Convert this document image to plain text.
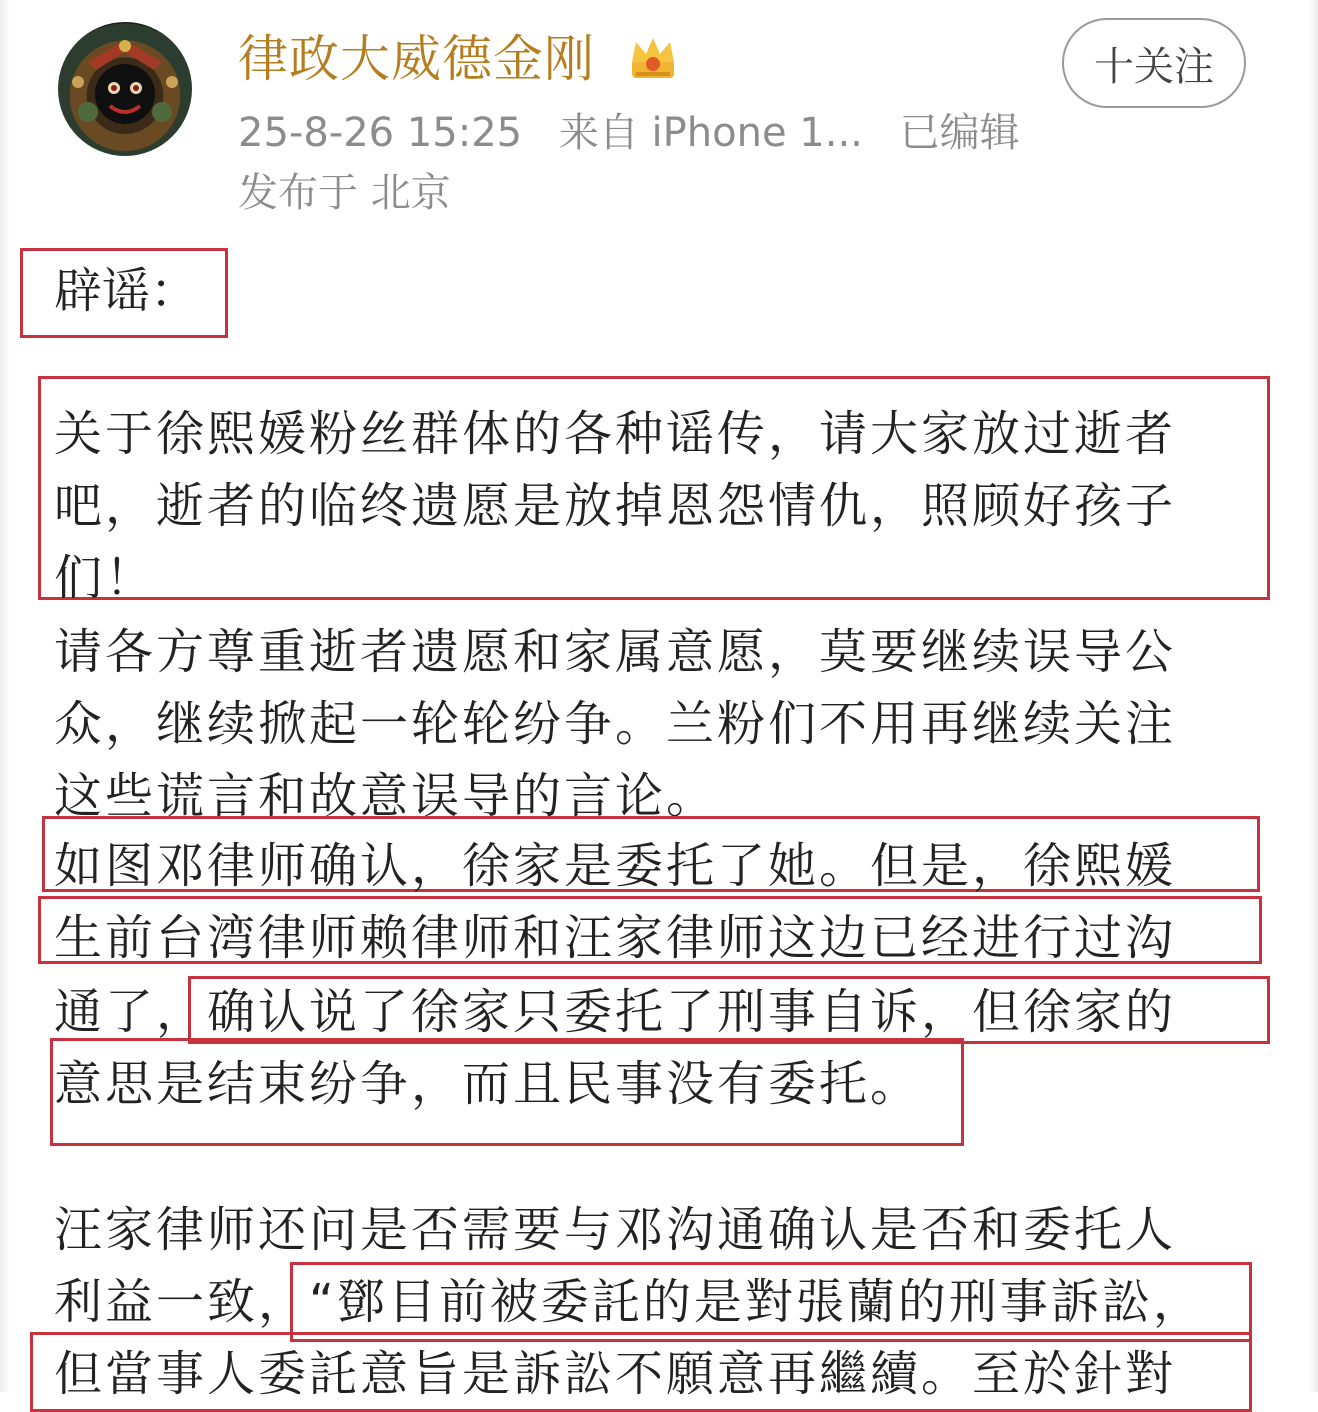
律政大威德金刚	十关注
25-8-26 15:25 来自 iPhone 1... 已编辑
发布于 北京
辟谣：
关于徐熙媛粉丝群体的各种谣传，请大家放过逝者
吧，逝者的临终遗愿是放掉恩怨情仇，照顾好孩子
们！
请各方尊重逝者遗愿和家属意愿，莫要继续误导公
众，继续掀起一轮轮纷争。兰粉们不用再继续关注
这些谎言和故意误导的言论。
如图邓律师确认，徐家是委托了她。但是，徐熙媛
生前台湾律师赖律师和汪家律师这边已经进行过沟
通了，确认说了徐家只委托了刑事自诉，但徐家的
意思是结束纷争，而且民事没有委托。
汪家律师还问是否需要与邓沟通确认是否和委托人
利益一致，“鄧目前被委託的是對張蘭的刑事訴訟，
但當事人委託意旨是訴訟不願意再繼續。至於針對
